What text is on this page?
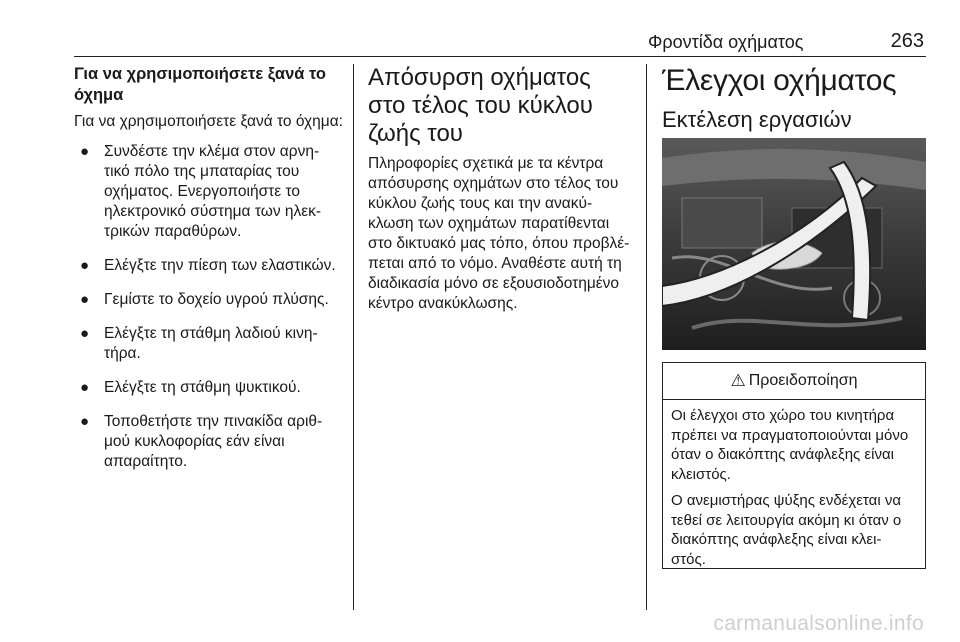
Φροντίδα οχήματος	263
Για να χρησιμοποιήσετε ξανά το όχημα

Για να χρησιμοποιήσετε ξανά το όχημα:

● Συνδέστε την κλέμα στον αρνη‐ τικό πόλο της μπαταρίας του οχήματος. Ενεργοποιήστε το ηλεκτρονικό σύστημα των ηλεκ‐ τρικών παραθύρων.
● Ελέγξτε την πίεση των ελαστικών.
● Γεμίστε το δοχείο υγρού πλύσης.
● Ελέγξτε τη στάθμη λαδιού κινη‐ τήρα.
● Ελέγξτε τη στάθμη ψυκτικού.
● Τοποθετήστε την πινακίδα αριθ‐ μού κυκλοφορίας εάν είναι απαραίτητο.
Απόσυρση οχήματος στο τέλος του κύκλου ζωής του

Πληροφορίες σχετικά με τα κέντρα απόσυρσης οχημάτων στο τέλος του κύκλου ζωής τους και την ανακύ‐ κλωση των οχημάτων παρατίθενται στο δικτυακό μας τόπο, όπου προβλέ‐ πεται από το νόμο. Αναθέστε αυτή τη διαδικασία μόνο σε εξουσιοδοτημένο κέντρο ανακύκλωσης.

Έλεγχοι οχήματος
Εκτέλεση εργασιών
⚠ Προειδοποίηση

Οι έλεγχοι στο χώρο του κινητήρα πρέπει να πραγματοποιούνται μόνο όταν ο διακόπτης ανάφλεξης είναι κλειστός.

Ο ανεμιστήρας ψύξης ενδέχεται να τεθεί σε λειτουργία ακόμη κι όταν ο διακόπτης ανάφλεξης είναι κλει‐ στός.

carmanualsonline.info
